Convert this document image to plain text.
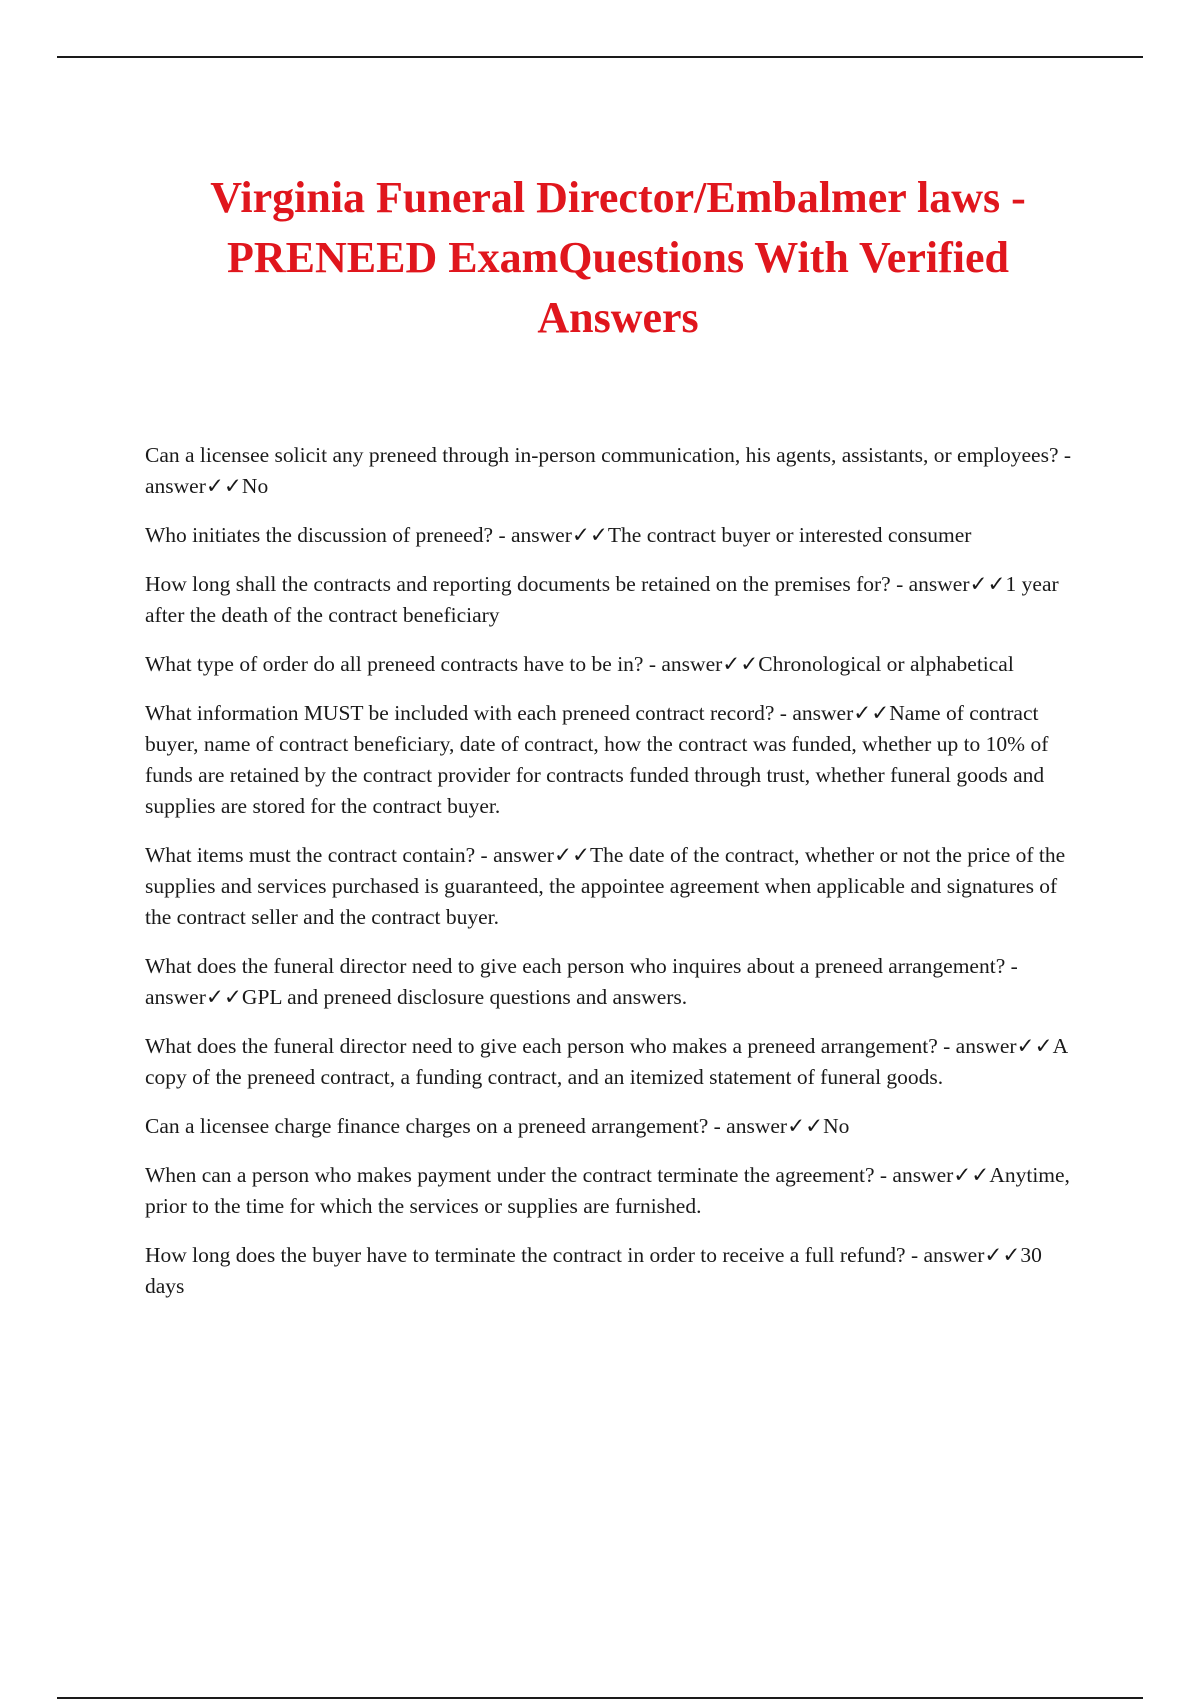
Virginia Funeral Director/Embalmer laws -
PRENEED ExamQuestions With Verified
Answers
Can a licensee solicit any preneed through in-person communication, his agents, assistants, or employees? - answer✓✓No
Who initiates the discussion of preneed? - answer✓✓The contract buyer or interested consumer
How long shall the contracts and reporting documents be retained on the premises for? - answer✓✓1 year after the death of the contract beneficiary
What type of order do all preneed contracts have to be in? - answer✓✓Chronological or alphabetical
What information MUST be included with each preneed contract record? - answer✓✓Name of contract buyer, name of contract beneficiary, date of contract, how the contract was funded, whether up to 10% of funds are retained by the contract provider for contracts funded through trust, whether funeral goods and supplies are stored for the contract buyer.
What items must the contract contain? - answer✓✓The date of the contract, whether or not the price of the supplies and services purchased is guaranteed, the appointee agreement when applicable and signatures of the contract seller and the contract buyer.
What does the funeral director need to give each person who inquires about a preneed arrangement? - answer✓✓GPL and preneed disclosure questions and answers.
What does the funeral director need to give each person who makes a preneed arrangement? - answer✓✓A copy of the preneed contract, a funding contract, and an itemized statement of funeral goods.
Can a licensee charge finance charges on a preneed arrangement? - answer✓✓No
When can a person who makes payment under the contract terminate the agreement? - answer✓✓Anytime, prior to the time for which the services or supplies are furnished.
How long does the buyer have to terminate the contract in order to receive a full refund? - answer✓✓30 days
